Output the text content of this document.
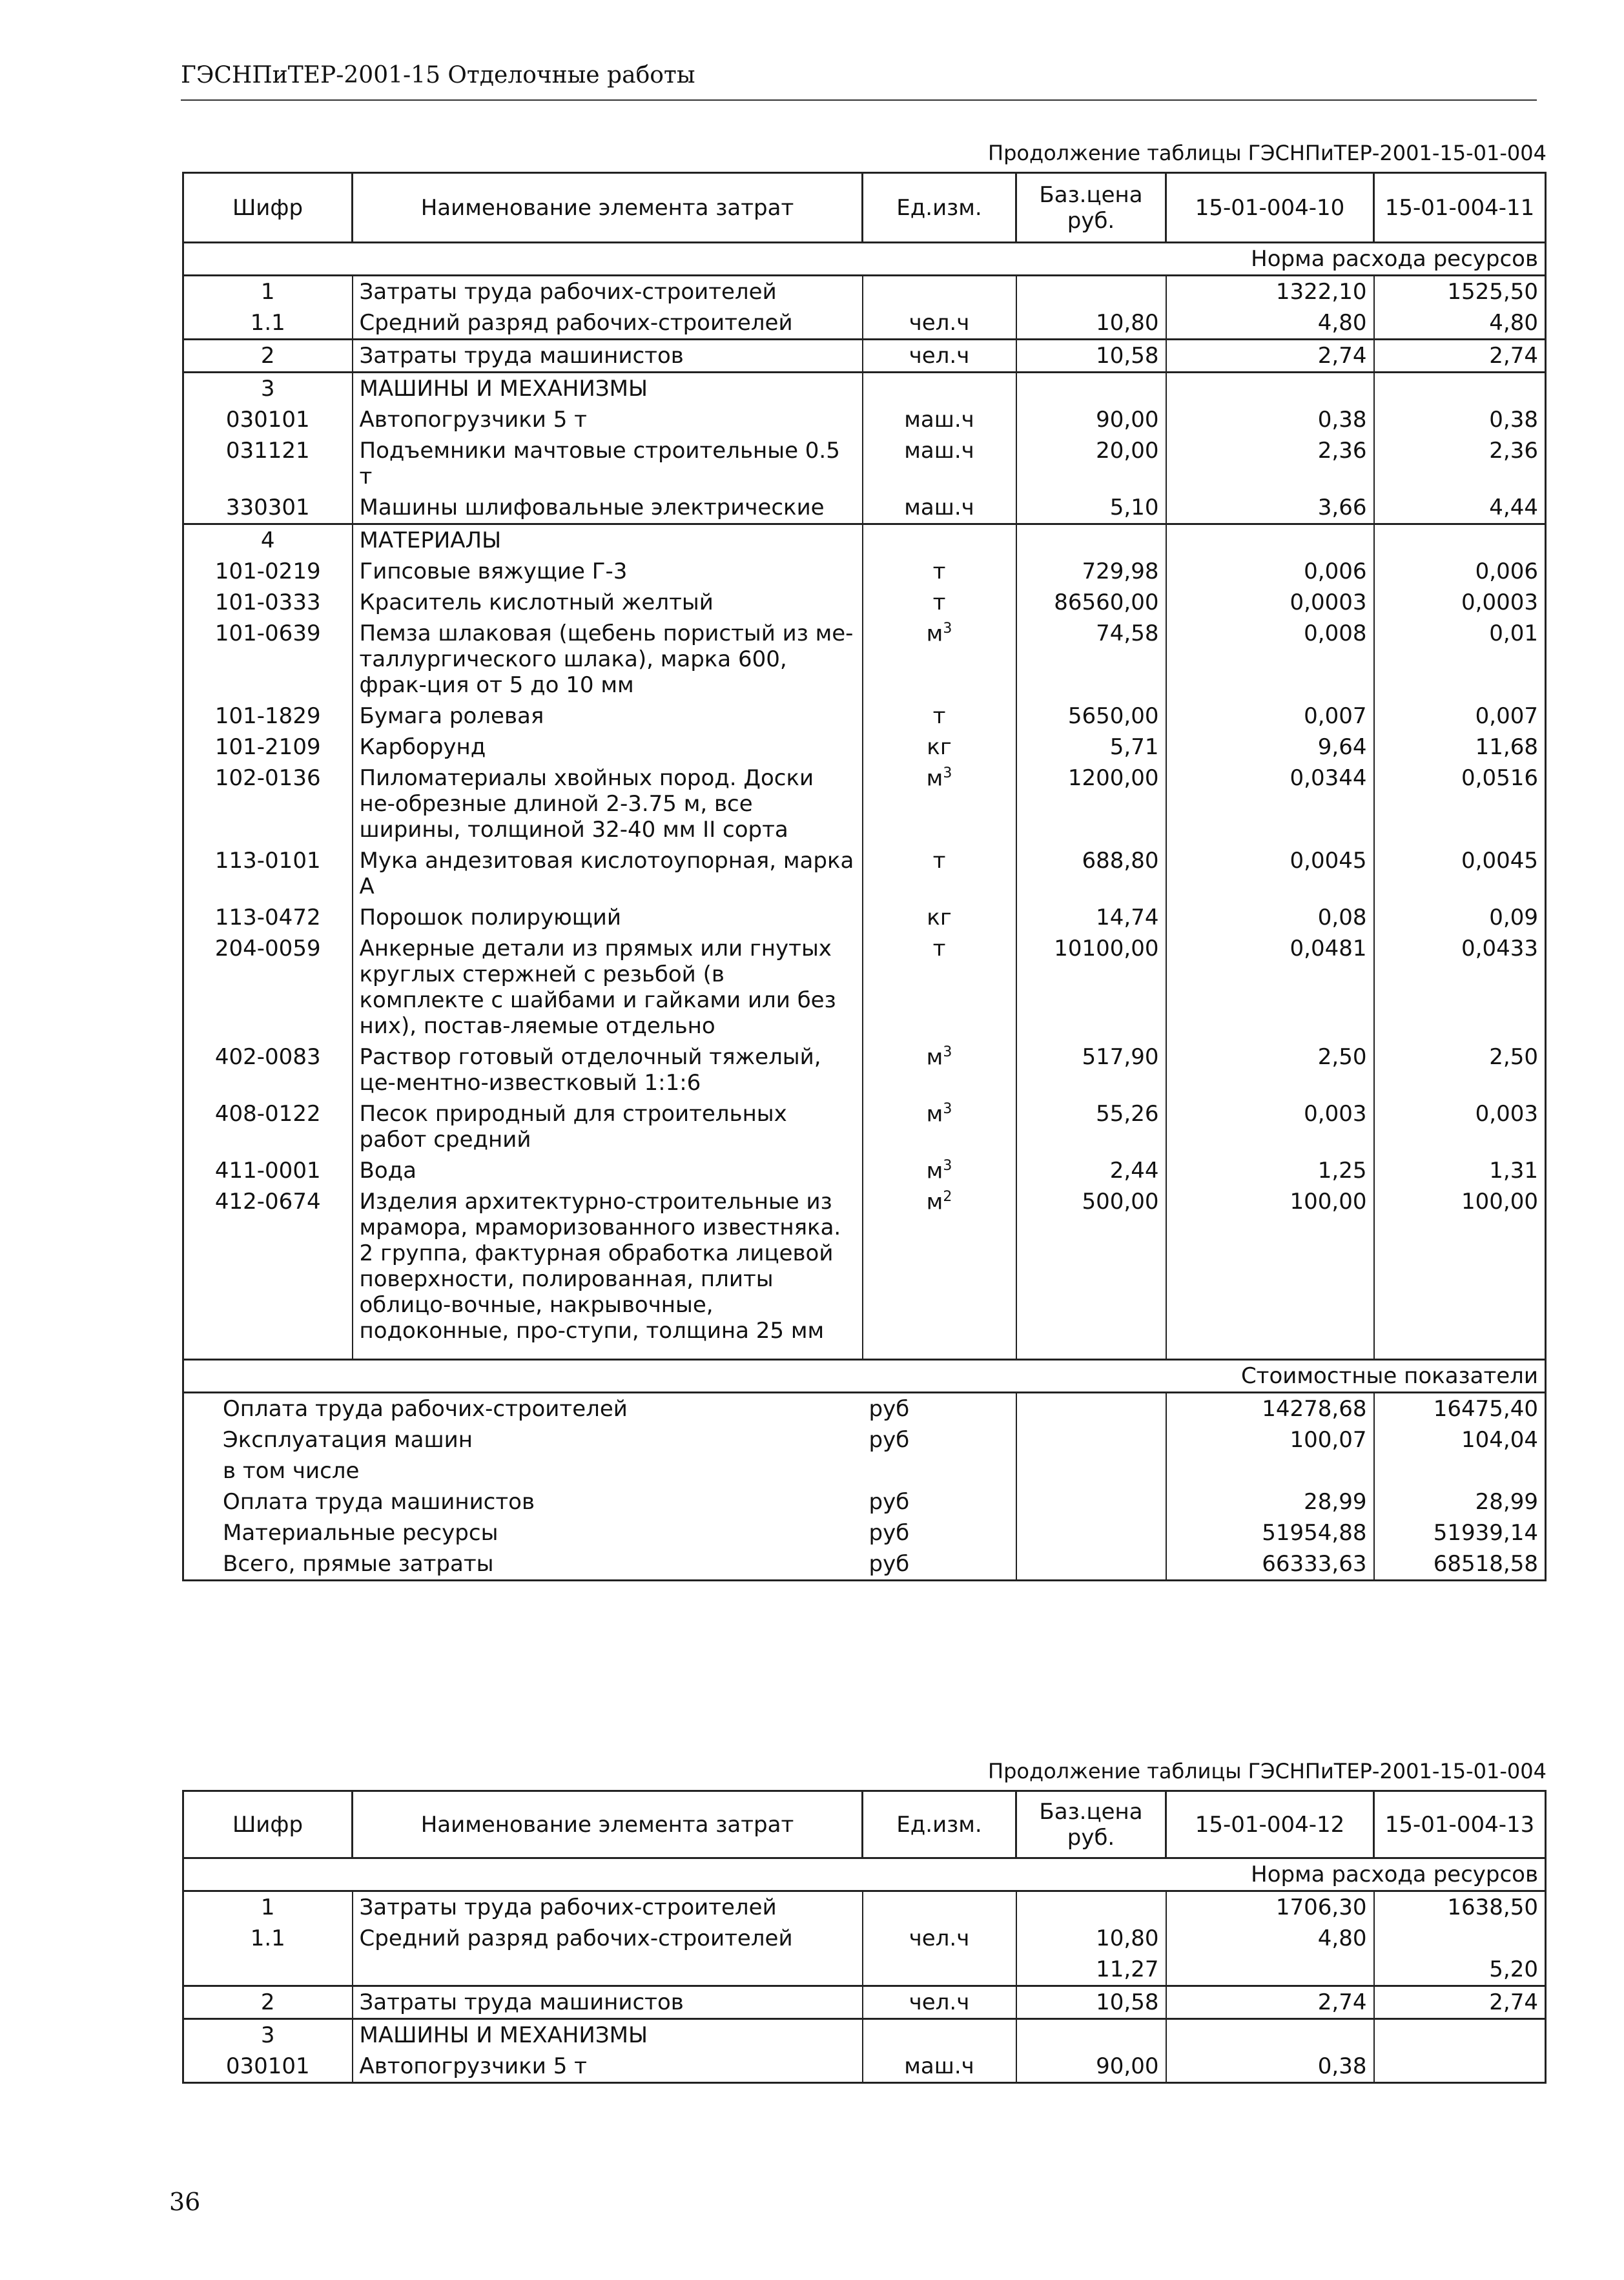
ГЭСНПиТЕР-2001-15 Отделочные работы
Продолжение таблицы ГЭСНПиТЕР-2001-15-01-004
Шифр	Наименование элемента затрат	Ед.изм.	Баз.цена руб.	15-01-004-10	15-01-004-11
Норма расхода ресурсов					
1	Затраты труда рабочих-строителей			1322,10	1525,50
1.1	Средний разряд рабочих-строителей	чел.ч	10,80	4,80	4,80
2	Затраты труда машинистов	чел.ч	10,58	2,74	2,74
3	МАШИНЫ И МЕХАНИЗМЫ				
030101	Автопогрузчики 5 т	маш.ч	90,00	0,38	0,38
031121	Подъемники мачтовые строительные 0.5 т	маш.ч	20,00	2,36	2,36
330301	Машины шлифовальные электрические	маш.ч	5,10	3,66	4,44
4	МАТЕРИАЛЫ				
101-0219	Гипсовые вяжущие Г-3	т	729,98	0,006	0,006
101-0333	Краситель кислотный желтый	т	86560,00	0,0003	0,0003
101-0639	Пемза шлаковая (щебень пористый из ме-таллургического шлака), марка 600, фрак-ция от 5 до 10 мм	$м^3$	74,58	0,008	0,01
101-1829	Бумага ролевая	т	5650,00	0,007	0,007
101-2109	Карборунд	кг	5,71	9,64	11,68
102-0136	Пиломатериалы хвойных пород. Доски не-обрезные длиной 2-3.75 м, все ширины, толщиной 32-40 мм II сорта	$м^3$	1200,00	0,0344	0,0516
113-0101	Мука андезитовая кислотоупорная, марка А	т	688,80	0,0045	0,0045
113-0472	Порошок полирующий	кг	14,74	0,08	0,09
204-0059	Анкерные детали из прямых или гнутых круглых стержней с резьбой (в комплекте с шайбами и гайками или без них), постав-ляемые отдельно	т	10100,00	0,0481	0,0433
402-0083	Раствор готовый отделочный тяжелый, це-ментно-известковый 1:1:6	$м^3$	517,90	2,50	2,50
408-0122	Песок природный для строительных работ средний	$м^3$	55,26	0,003	0,003
411-0001	Вода	$м^3$	2,44	1,25	1,31
412-0674	Изделия архитектурно-строительные из мрамора, мраморизованного известняка. 2 группа, фактурная обработка лицевой поверхности, полированная, плиты облицо-вочные, накрывочные, подоконные, про-ступи, толщина 25 мм	$м^2$	500,00	100,00	100,00

Стоимостные показатели					
Оплата труда рабочих-строителей		руб		14278,68	16475,40
Эксплуатация машин		руб		100,07	104,04
в том числе					
Оплата труда машинистов		руб		28,99	28,99
Материальные ресурсы		руб		51954,88	51939,14
Всего, прямые затраты		руб		66333,63	68518,58
Продолжение таблицы ГЭСНПиТЕР-2001-15-01-004
Шифр	Наименование элемента затрат	Ед.изм.	Баз.цена руб.	15-01-004-12	15-01-004-13
Норма расхода ресурсов					
1	Затраты труда рабочих-строителей			1706,30	1638,50
1.1	Средний разряд рабочих-строителей	чел.ч	10,80	4,80	
			11,27		5,20
2	Затраты труда машинистов	чел.ч	10,58	2,74	2,74
3	МАШИНЫ И МЕХАНИЗМЫ				
030101	Автопогрузчики 5 т	маш.ч	90,00	0,38	
36
